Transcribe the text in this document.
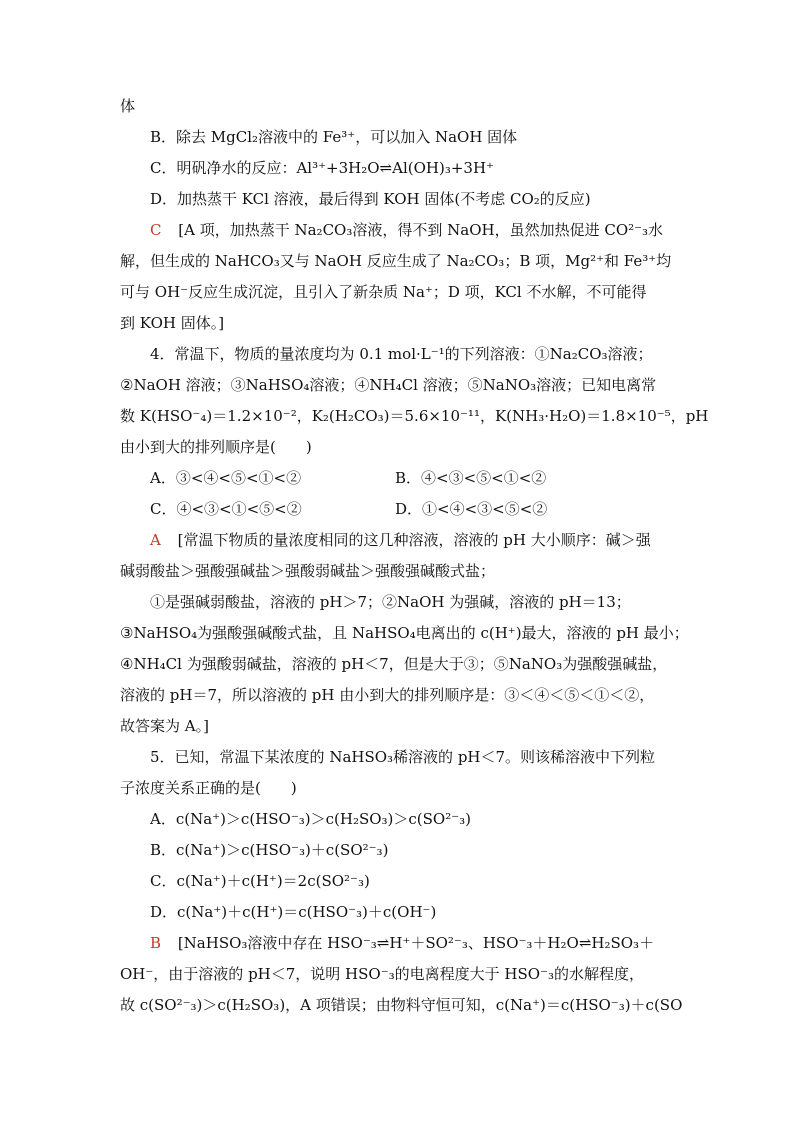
体
B．除去 MgCl₂溶液中的 Fe³⁺，可以加入 NaOH 固体
C．明矾净水的反应：Al³⁺+3H₂O⇌Al(OH)₃+3H⁺
D．加热蒸干 KCl 溶液，最后得到 KOH 固体(不考虑 CO₂的反应)
C [A 项，加热蒸干 Na₂CO₃溶液，得不到 NaOH，虽然加热促进 CO²⁻₃水
解，但生成的 NaHCO₃又与 NaOH 反应生成了 Na₂CO₃；B 项，Mg²⁺和 Fe³⁺均
可与 OH⁻反应生成沉淀，且引入了新杂质 Na⁺；D 项，KCl 不水解，不可能得
到 KOH 固体。]
4．常温下，物质的量浓度均为 0.1 mol·L⁻¹的下列溶液：①Na₂CO₃溶液；
②NaOH 溶液；③NaHSO₄溶液；④NH₄Cl 溶液；⑤NaNO₃溶液；已知电离常
数 K(HSO⁻₄)＝1.2×10⁻²，K₂(H₂CO₃)＝5.6×10⁻¹¹，K(NH₃·H₂O)＝1.8×10⁻⁵，pH
由小到大的排列顺序是(　　)
A．③<④<⑤<①<②	B．④<③<⑤<①<②
C．④<③<①<⑤<②	D．①<④<③<⑤<②
A [常温下物质的量浓度相同的这几种溶液，溶液的 pH 大小顺序：碱＞强
碱弱酸盐＞强酸强碱盐＞强酸弱碱盐＞强酸强碱酸式盐；
①是强碱弱酸盐，溶液的 pH＞7；②NaOH 为强碱，溶液的 pH＝13；
③NaHSO₄为强酸强碱酸式盐，且 NaHSO₄电离出的 c(H⁺)最大，溶液的 pH 最小；
④NH₄Cl 为强酸弱碱盐，溶液的 pH＜7，但是大于③；⑤NaNO₃为强酸强碱盐，
溶液的 pH＝7，所以溶液的 pH 由小到大的排列顺序是：③＜④＜⑤＜①＜②，
故答案为 A。]
5．已知，常温下某浓度的 NaHSO₃稀溶液的 pH＜7。则该稀溶液中下列粒
子浓度关系正确的是(　　)
A．c(Na⁺)＞c(HSO⁻₃)＞c(H₂SO₃)＞c(SO²⁻₃)
B．c(Na⁺)＞c(HSO⁻₃)＋c(SO²⁻₃)
C．c(Na⁺)＋c(H⁺)＝2c(SO²⁻₃)
D．c(Na⁺)＋c(H⁺)＝c(HSO⁻₃)＋c(OH⁻)
B [NaHSO₃溶液中存在 HSO⁻₃⇌H⁺＋SO²⁻₃、HSO⁻₃＋H₂O⇌H₂SO₃＋
OH⁻，由于溶液的 pH＜7，说明 HSO⁻₃的电离程度大于 HSO⁻₃的水解程度，
故 c(SO²⁻₃)＞c(H₂SO₃)，A 项错误；由物料守恒可知，c(Na⁺)＝c(HSO⁻₃)＋c(SO
